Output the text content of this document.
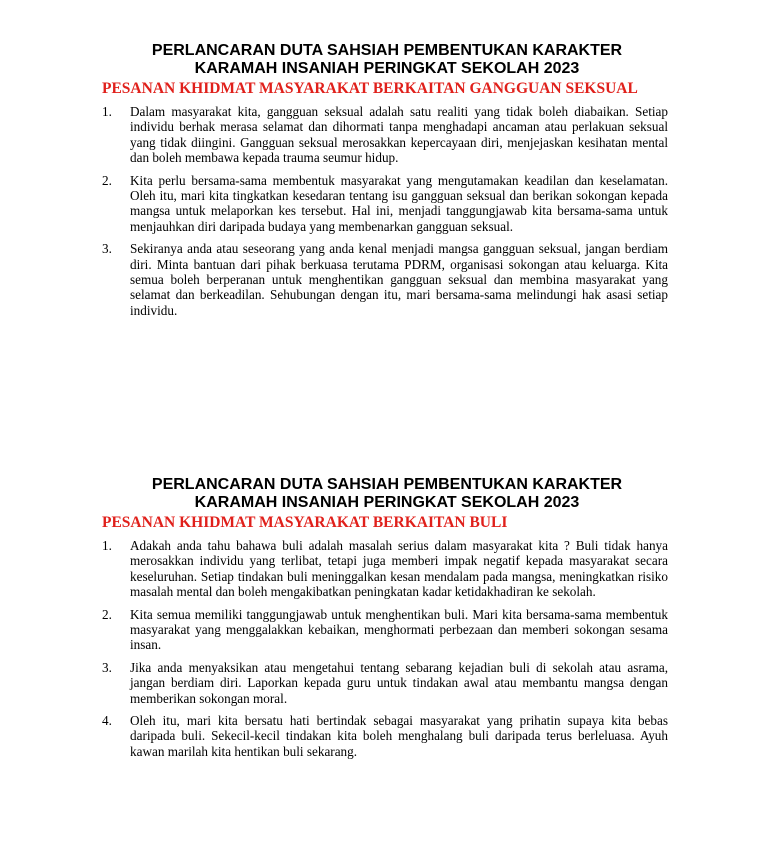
PERLANCARAN DUTA SAHSIAH PEMBENTUKAN KARAKTER
KARAMAH INSANIAH PERINGKAT SEKOLAH 2023
PESANAN KHIDMAT MASYARAKAT BERKAITAN GANGGUAN SEKSUAL
1.	Dalam masyarakat kita, gangguan seksual adalah satu realiti yang tidak boleh diabaikan. Setiap individu berhak merasa selamat dan dihormati tanpa menghadapi ancaman atau perlakuan seksual yang tidak diingini. Gangguan seksual merosakkan kepercayaan diri, menjejaskan kesihatan mental dan boleh membawa kepada trauma seumur hidup.
2.	Kita perlu bersama-sama membentuk masyarakat yang mengutamakan keadilan dan keselamatan. Oleh itu, mari kita tingkatkan kesedaran tentang isu gangguan seksual dan berikan sokongan kepada mangsa untuk melaporkan kes tersebut. Hal ini, menjadi tanggungjawab kita bersama-sama untuk menjauhkan diri daripada budaya yang membenarkan gangguan seksual.
3.	Sekiranya anda atau seseorang yang anda kenal menjadi mangsa gangguan seksual, jangan berdiam diri. Minta bantuan dari pihak berkuasa terutama PDRM, organisasi sokongan atau keluarga. Kita semua boleh berperanan untuk menghentikan gangguan seksual dan membina masyarakat yang selamat dan berkeadilan. Sehubungan dengan itu, mari bersama-sama melindungi hak asasi setiap individu.
PERLANCARAN DUTA SAHSIAH PEMBENTUKAN KARAKTER
KARAMAH INSANIAH PERINGKAT SEKOLAH 2023
PESANAN KHIDMAT MASYARAKAT BERKAITAN BULI
1.	Adakah anda tahu bahawa buli adalah masalah serius dalam masyarakat kita ? Buli tidak hanya merosakkan individu yang terlibat, tetapi juga memberi impak negatif kepada masyarakat secara keseluruhan. Setiap tindakan buli meninggalkan kesan mendalam pada mangsa, meningkatkan risiko masalah mental dan boleh mengakibatkan peningkatan kadar ketidakhadiran ke sekolah.
2.	Kita semua memiliki tanggungjawab untuk menghentikan buli. Mari kita bersama-sama membentuk masyarakat yang menggalakkan kebaikan, menghormati perbezaan dan memberi sokongan sesama insan.
3.	Jika anda menyaksikan atau mengetahui tentang sebarang kejadian buli di sekolah atau asrama, jangan berdiam diri. Laporkan kepada guru untuk tindakan awal atau membantu mangsa dengan memberikan sokongan moral.
4.	Oleh itu, mari kita bersatu hati bertindak sebagai masyarakat yang prihatin supaya kita bebas daripada buli. Sekecil-kecil tindakan kita boleh menghalang buli daripada terus berleluasa. Ayuh kawan marilah kita hentikan buli sekarang.
